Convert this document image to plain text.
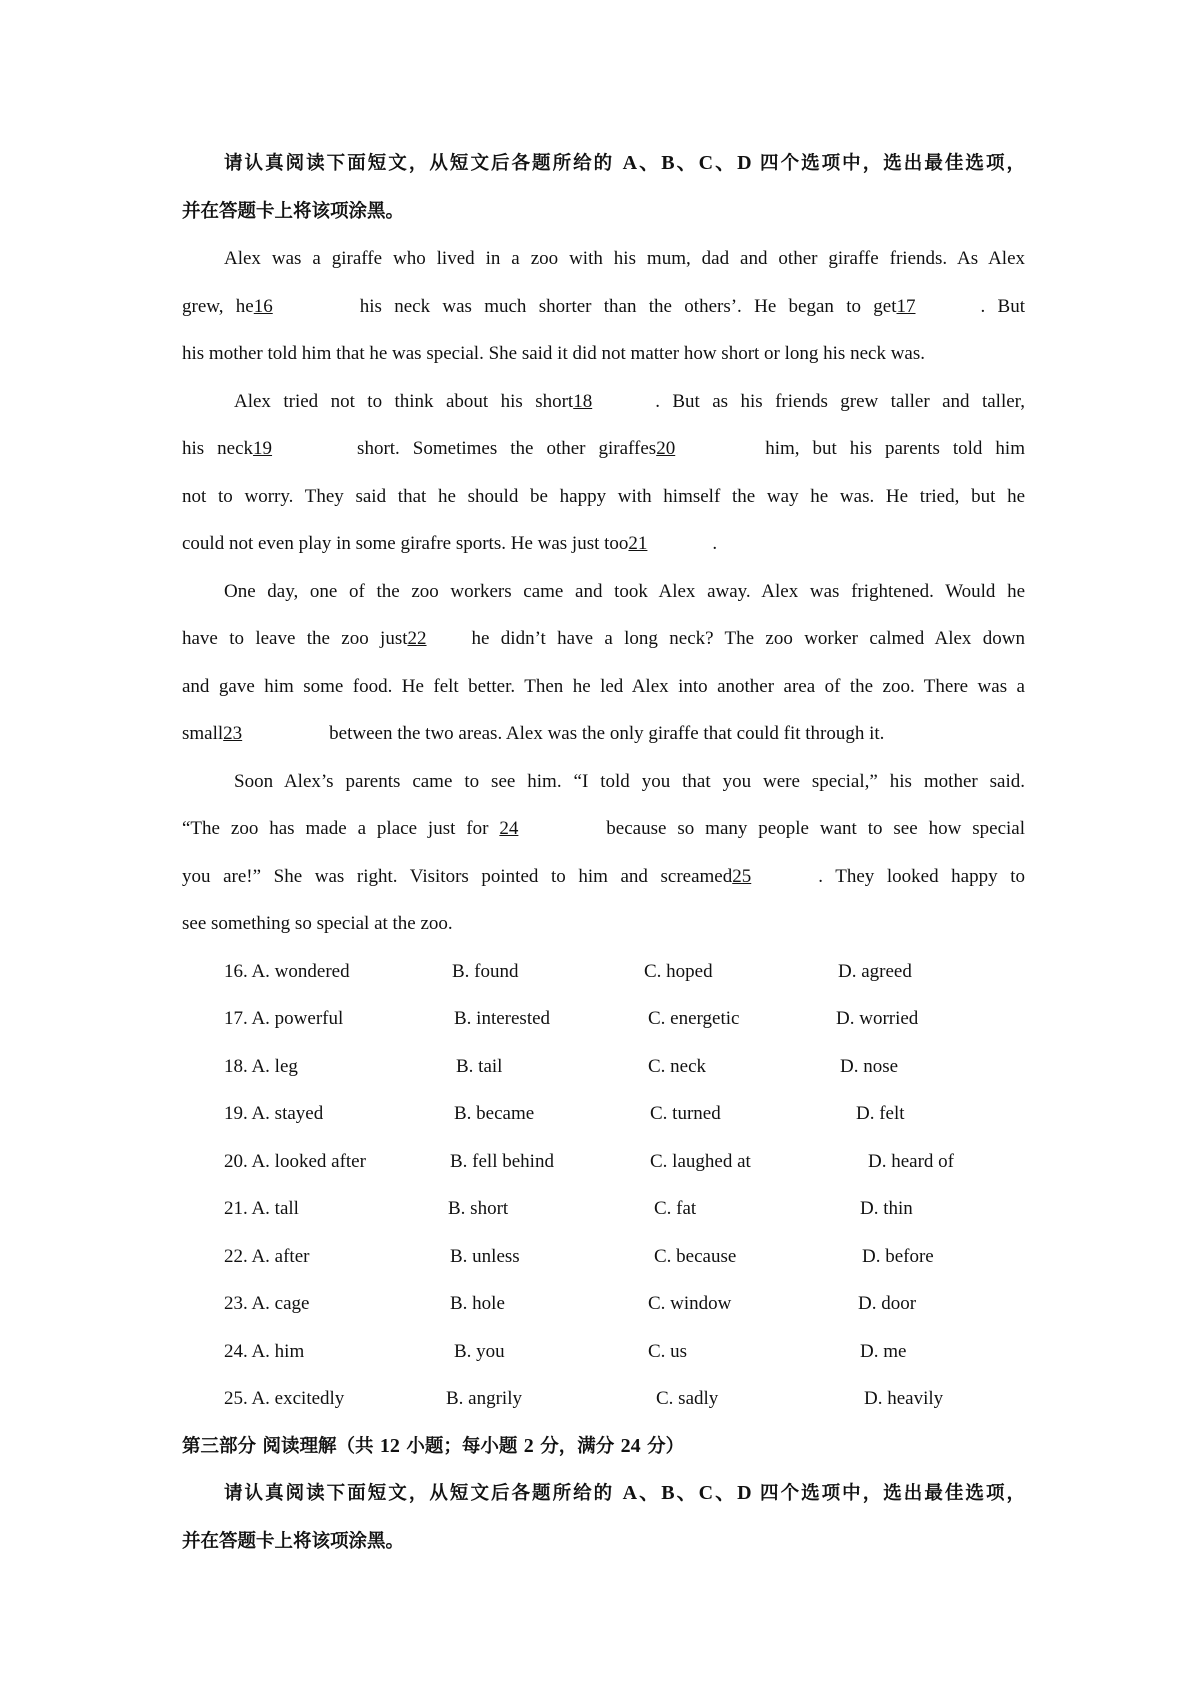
请认真阅读下面短文，从短文后各题所给的 A、B、C、D 四个选项中，选出最佳选项，
并在答题卡上将该项涂黑。
Alex was a giraffe who lived in a zoo with his mum, dad and other giraffe friends. As Alex
grew, he16	his neck was much shorter than the others’. He began to get17	. But
his mother told him that he was special. She said it did not matter how short or long his neck was.
Alex tried not to think about his short18	. But as his friends grew taller and taller,
his neck19	short. Sometimes the other giraffes20	him, but his parents told him
not to worry. They said that he should be happy with himself the way he was. He tried, but he
could not even play in some girafre sports. He was just too21	.
One day, one of the zoo workers came and took Alex away. Alex was frightened. Would he
have to leave the zoo just22 he didn’t have a long neck? The zoo worker calmed Alex down
and gave him some food. He felt better. Then he led Alex into another area of the zoo. There was a
small23	between the two areas. Alex was the only giraffe that could fit through it.
Soon Alex’s parents came to see him. “I told you that you were special,” his mother said.
“The zoo has made a place just for 24	because so many people want to see how special
you are!” She was right. Visitors pointed to him and screamed25	. They looked happy to
see something so special at the zoo.
16. A. wondered	B. found	C. hoped	D. agreed
17. A. powerful	B. interested	C. energetic	D. worried
18. A. leg	B. tail	C. neck	D. nose
19. A. stayed	B. became	C. turned	D. felt
20. A. looked after	B. fell behind	C. laughed at	D. heard of
21. A. tall	B. short	C. fat	D. thin
22. A. after	B. unless	C. because	D. before
23. A. cage	B. hole	C. window	D. door
24. A. him	B. you	C. us	D. me
25. A. excitedly	B. angrily	C. sadly	D. heavily
第三部分 阅读理解（共 12 小题；每小题 2 分，满分 24 分）
请认真阅读下面短文，从短文后各题所给的 A、B、C、D 四个选项中，选出最佳选项，
并在答题卡上将该项涂黑。
